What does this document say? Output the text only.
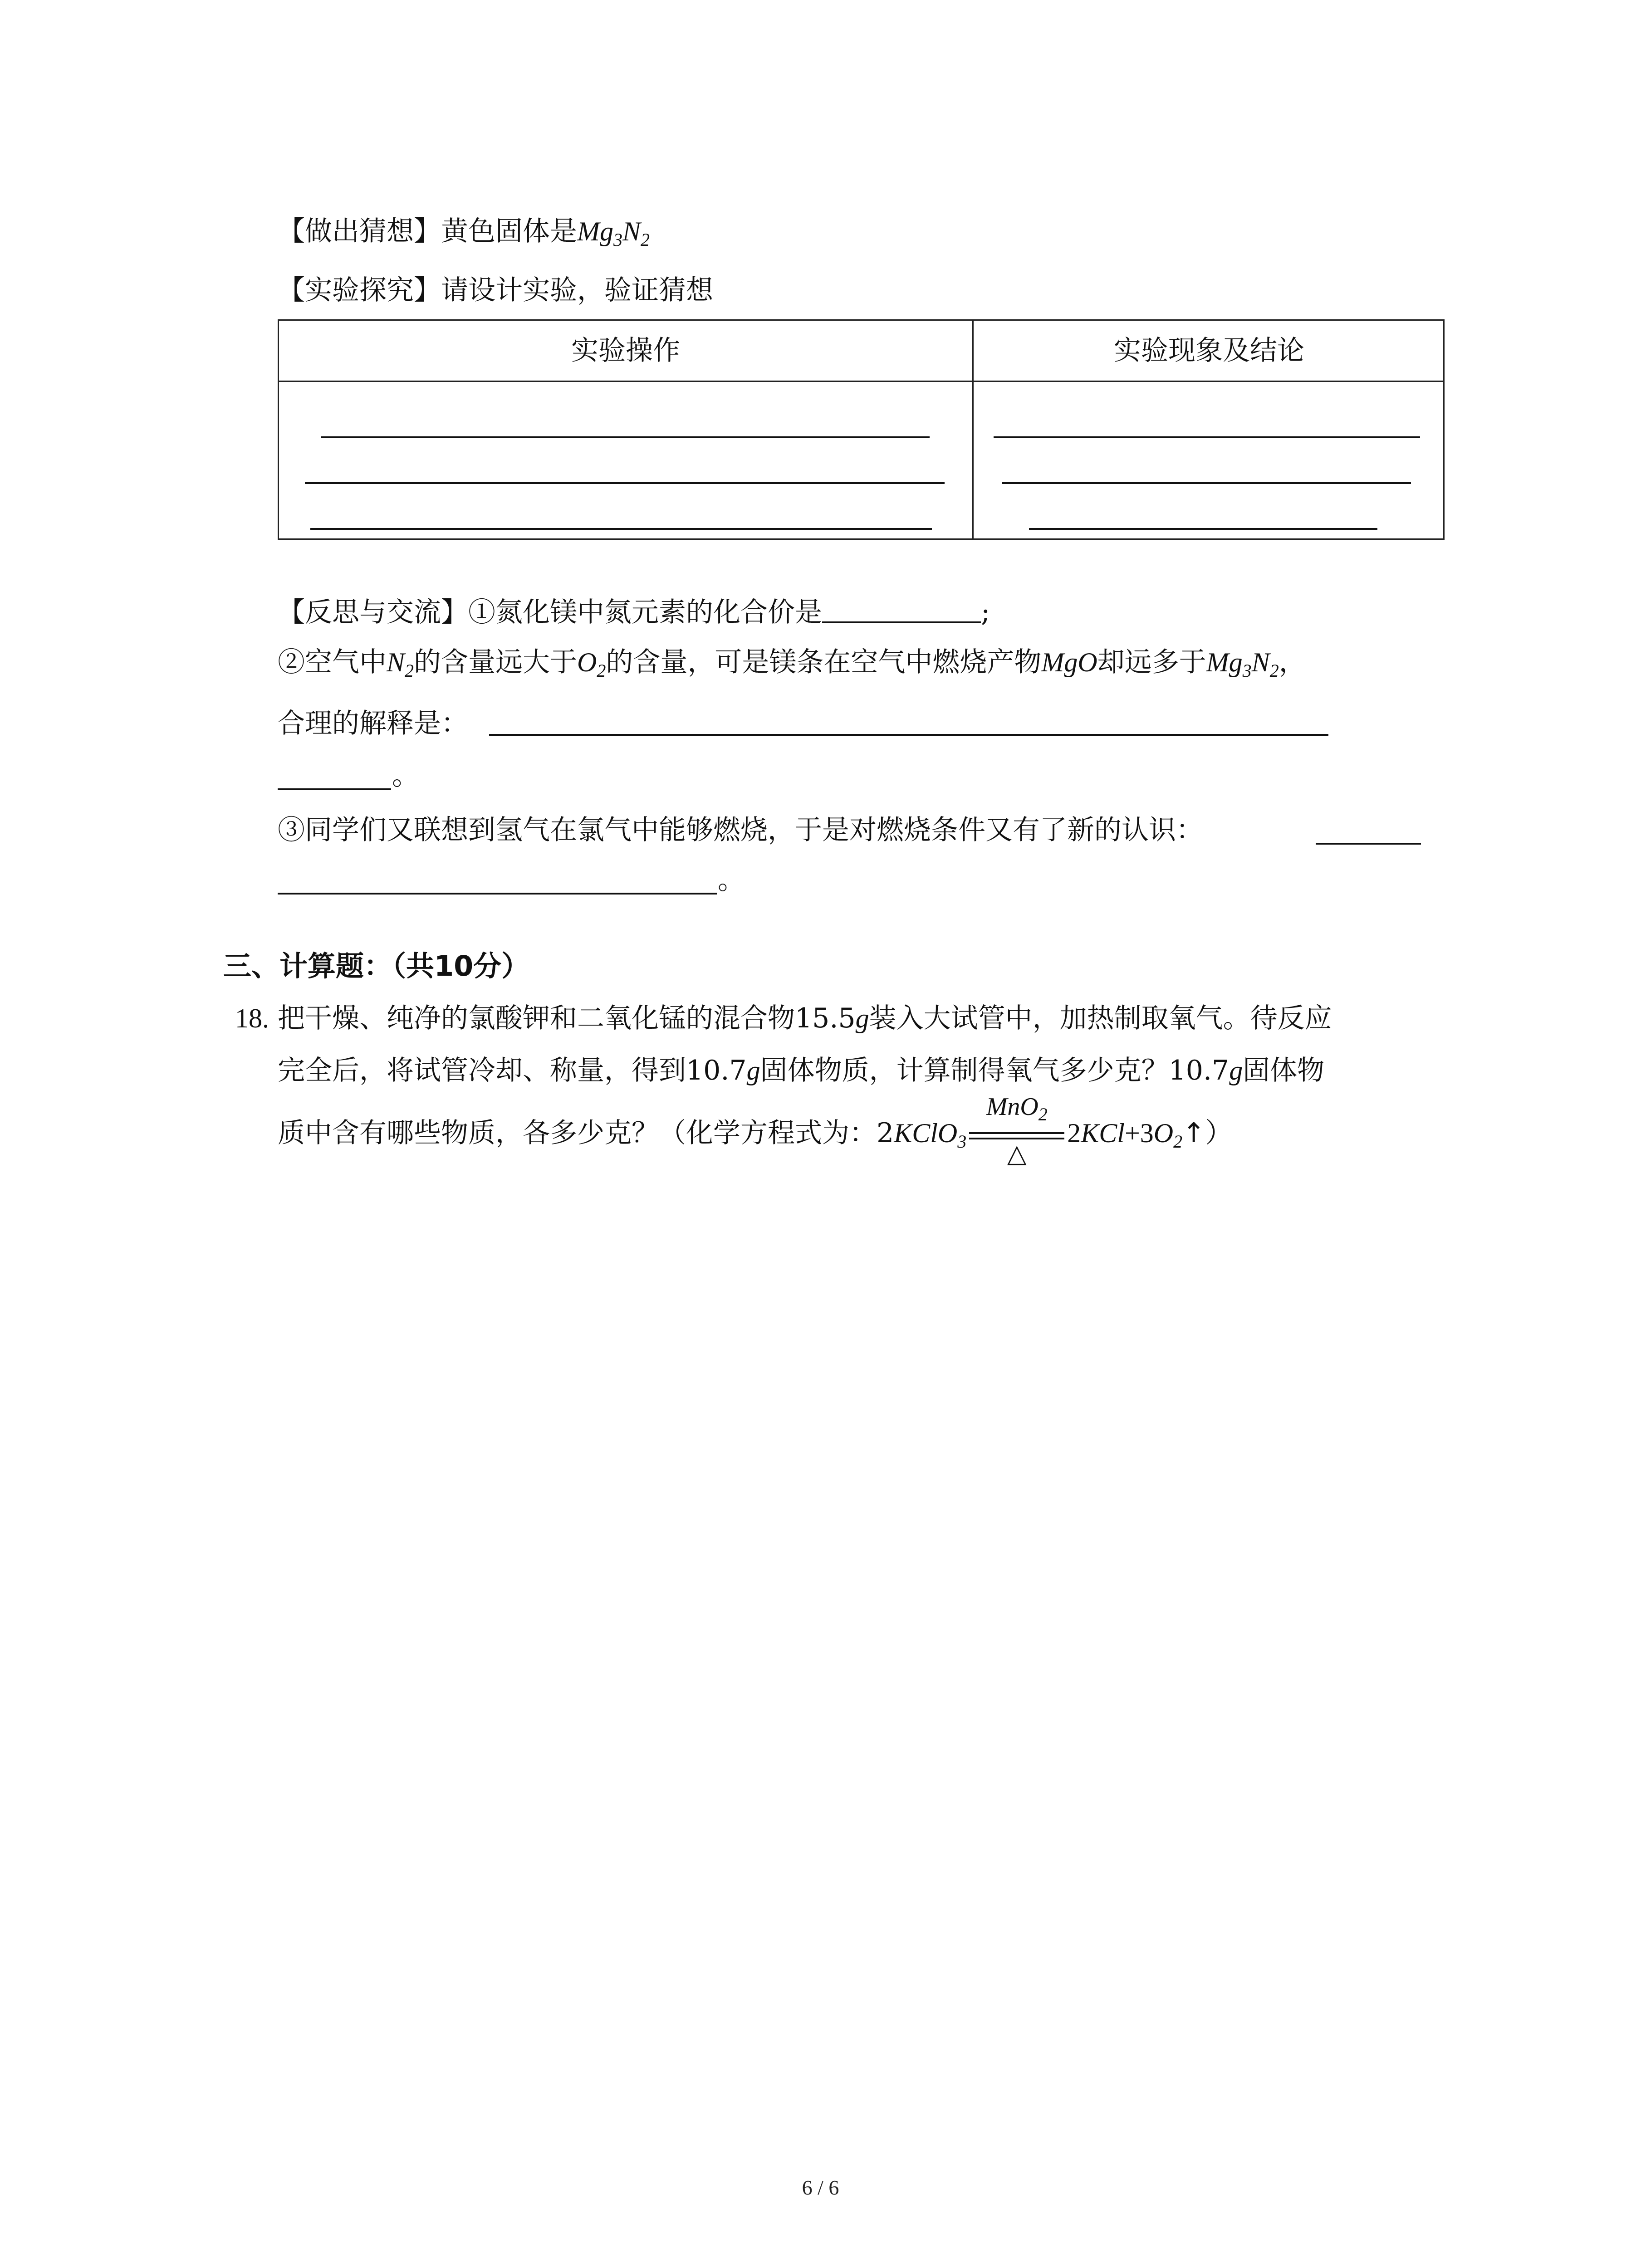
【做出猜想】黄色固体是$Mg_3N_2$
【实验探究】请设计实验，验证猜想
实验操作	实验现象及结论
【反思与交流】①氮化镁中氮元素的化合价是	;
②空气中$N_2$的含量远大于$O_2$的含量，可是镁条在空气中燃烧产物MgO却远多于$Mg_3N_2$，
合理的解释是：
。
③同学们又联想到氢气在氯气中能够燃烧，于是对燃烧条件又有了新的认识：
。
三、计算题：（共10分）
18. 把干燥、纯净的氯酸钾和二氧化锰的混合物15.5g装入大试管中，加热制取氧气。待反应
完全后，将试管冷却、称量，得到10.7g固体物质，计算制得氧气多少克？10.7g固体物
质中含有哪些物质，各多少克？（化学方程式为：2KClO$_3$ $\frac{MnO_2}{\triangle}$ $2KCl+3O_2↑$）
6 / 6
